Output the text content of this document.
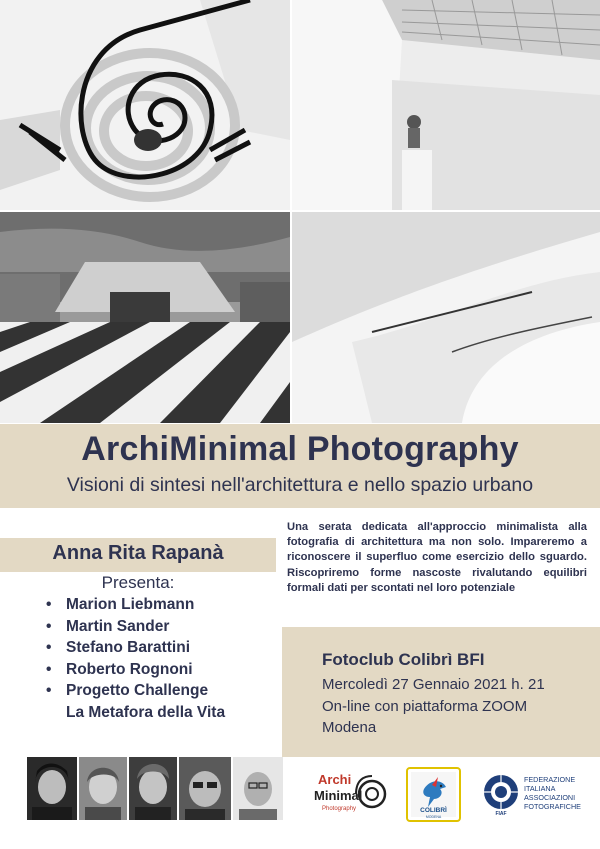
ArchiMinimal Photography
Visioni di sintesi nell'architettura e nello spazio urbano
Anna Rita Rapanà
Presenta:
• Marion Liebmann
• Martin Sander
• Stefano Barattini
• Roberto Rognoni
• Progetto Challenge
La Metafora della Vita
Una serata dedicata all'approccio minimalista alla fotografia di architettura ma non solo. Impareremo a riconoscere il superfluo come esercizio dello sguardo. Riscopriremo forme nascoste rivalutando equilibri formali dati per scontati nel loro potenziale
Fotoclub Colibrì BFI
Mercoledì 27 Gennaio 2021 h. 21
On-line con piattaforma ZOOM
Modena
Archi
Minimal
Photography	COLIBRÌ
MODENA	FIAF
FEDERAZIONE
ITALIANA
ASSOCIAZIONI
FOTOGRAFICHE
